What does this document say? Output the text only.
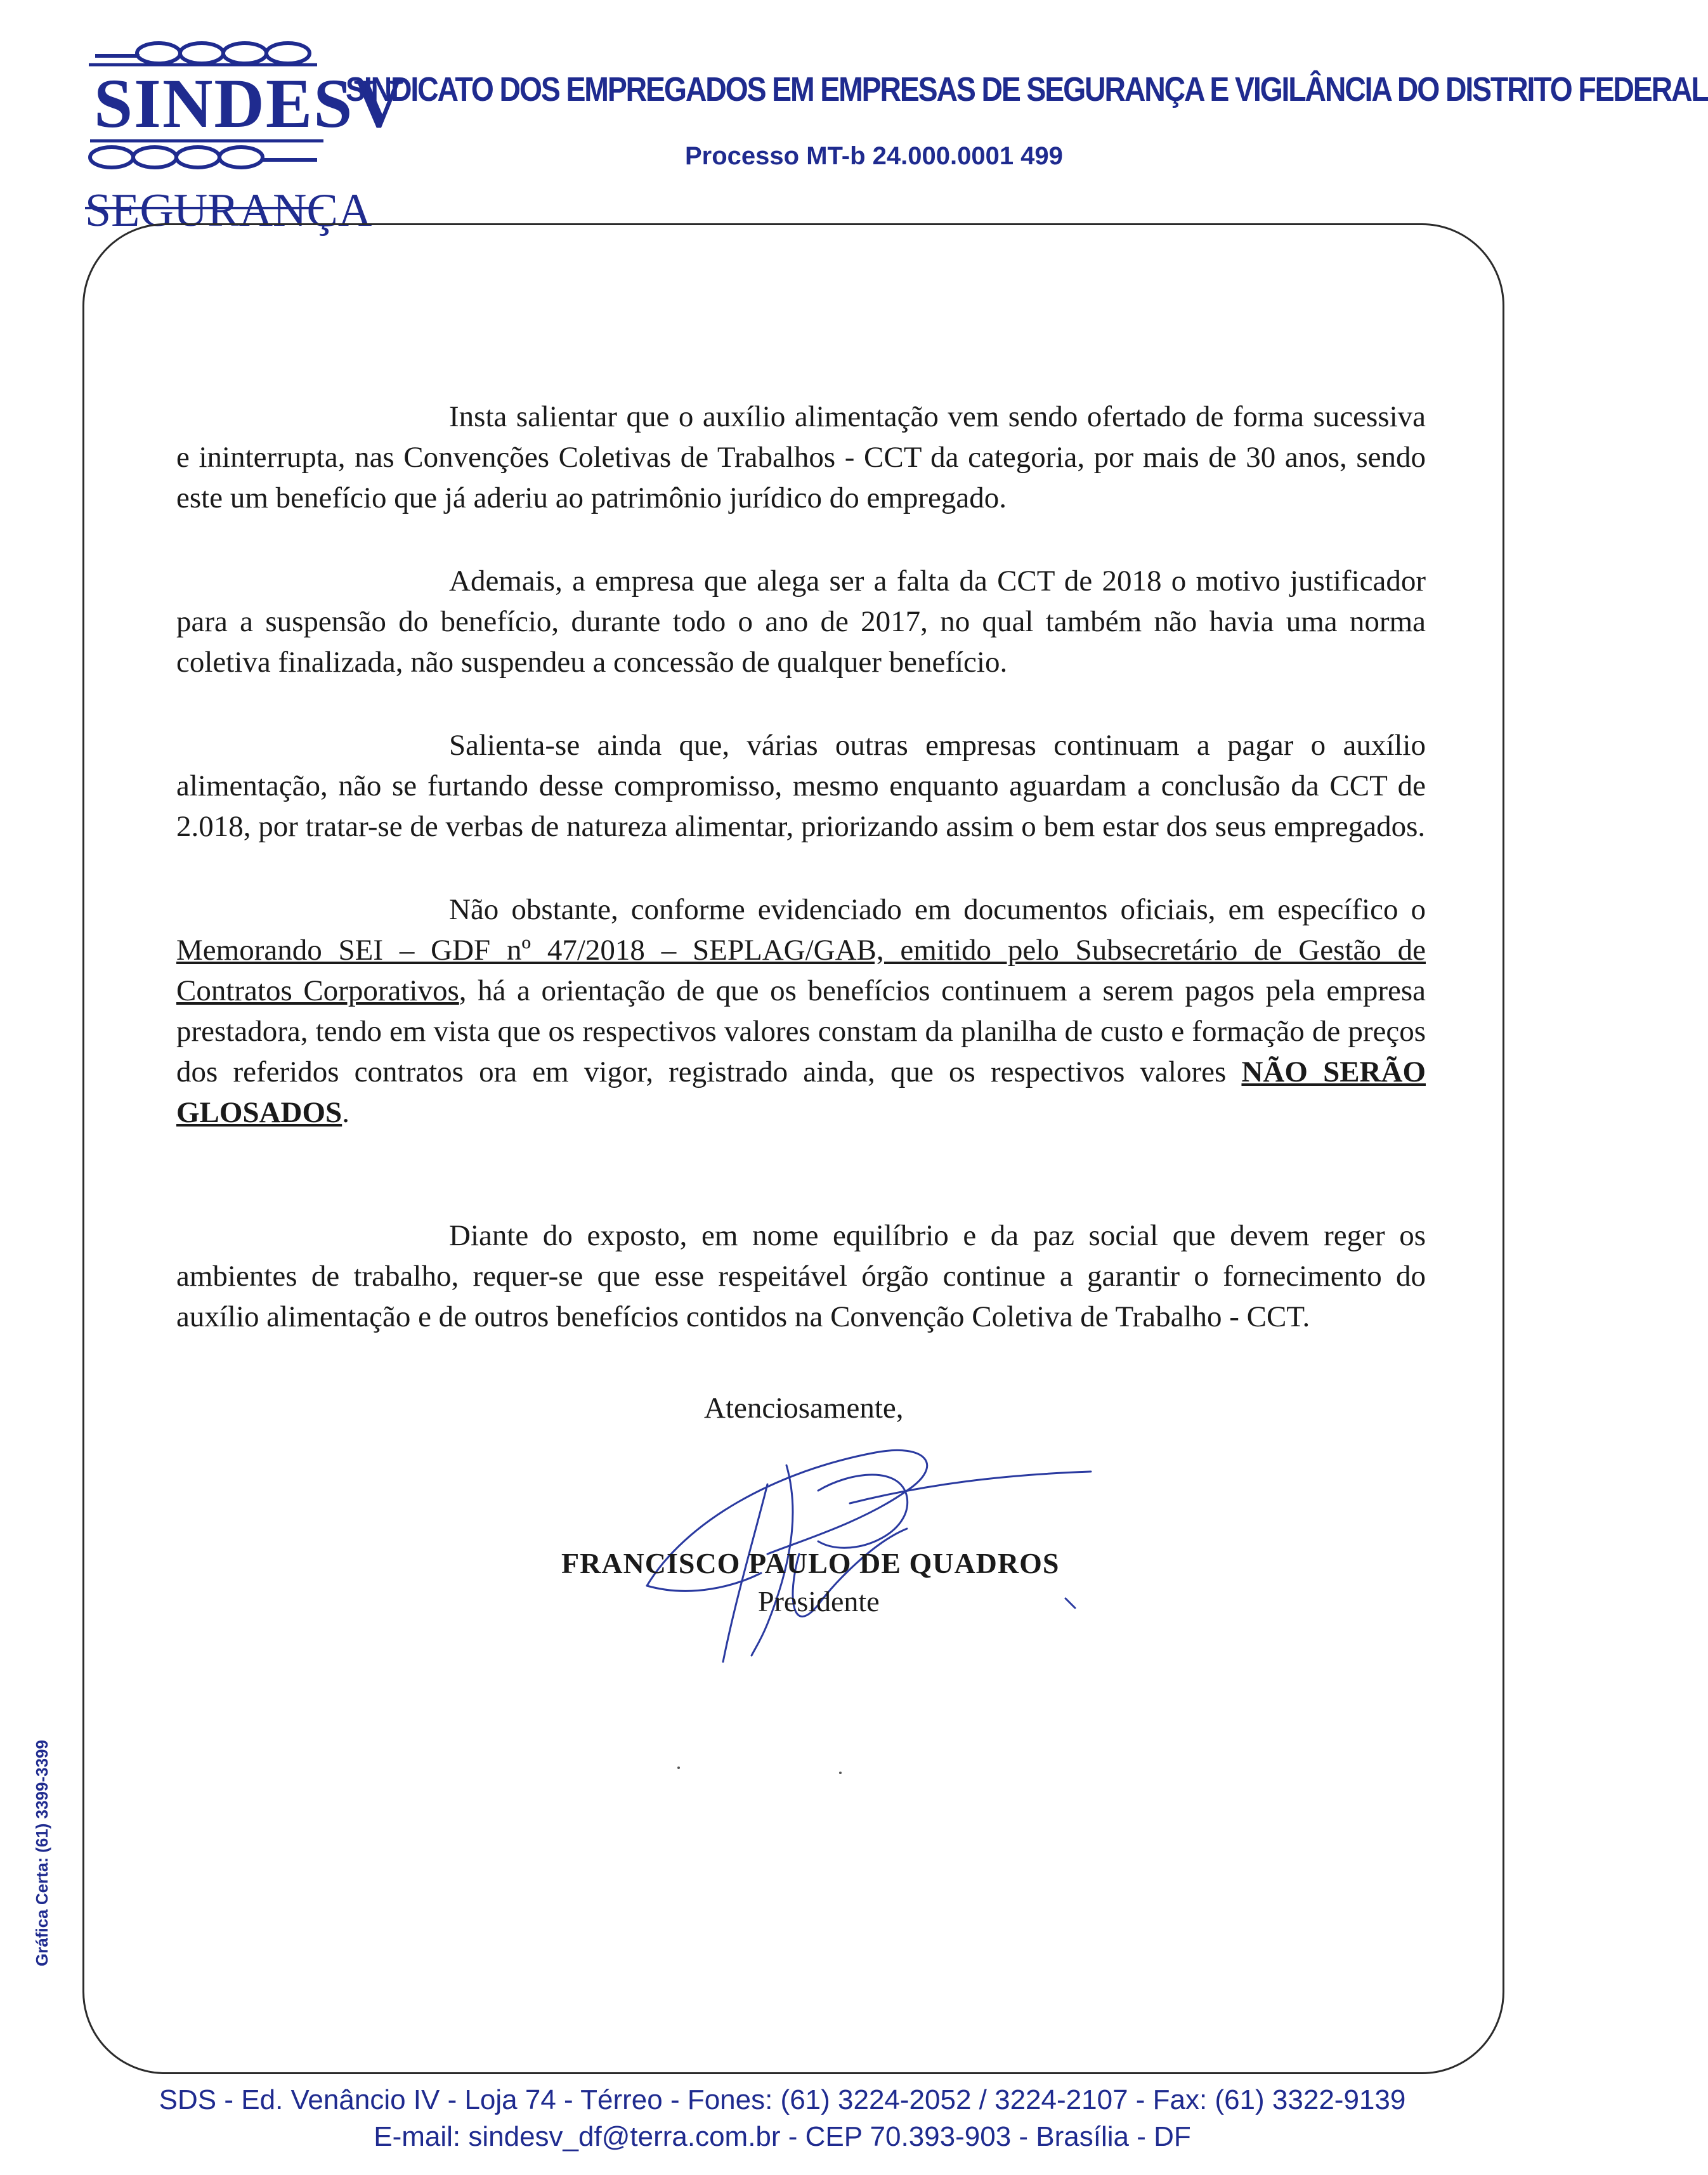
SINDESV
SEGURANÇA
SINDICATO DOS EMPREGADOS EM EMPRESAS DE SEGURANÇA E VIGILÂNCIA DO DISTRITO FEDERAL
Processo MT-b 24.000.0001 499

Insta salientar que o auxílio alimentação vem sendo ofertado de forma sucessiva e ininterrupta, nas Convenções Coletivas de Trabalhos - CCT da categoria, por mais de 30 anos, sendo este um benefício que já aderiu ao patrimônio jurídico do empregado.

Ademais, a empresa que alega ser a falta da CCT de 2018 o motivo justificador para a suspensão do benefício, durante todo o ano de 2017, no qual também não havia uma norma coletiva finalizada, não suspendeu a concessão de qualquer benefício.

Salienta-se ainda que, várias outras empresas continuam a pagar o auxílio alimentação, não se furtando desse compromisso, mesmo enquanto aguardam a conclusão da CCT de 2.018, por tratar-se de verbas de natureza alimentar, priorizando assim o bem estar dos seus empregados.

Não obstante, conforme evidenciado em documentos oficiais, em específico o Memorando SEI – GDF nº 47/2018 – SEPLAG/GAB, emitido pelo Subsecretário de Gestão de Contratos Corporativos, há a orientação de que os benefícios continuem a serem pagos pela empresa prestadora, tendo em vista que os respectivos valores constam da planilha de custo e formação de preços dos referidos contratos ora em vigor, registrado ainda, que os respectivos valores NÃO SERÃO GLOSADOS.

Diante do exposto, em nome equilíbrio e da paz social que devem reger os ambientes de trabalho, requer-se que esse respeitável órgão continue a garantir o fornecimento do auxílio alimentação e de outros benefícios contidos na Convenção Coletiva de Trabalho - CCT.

Atenciosamente,
FRANCISCO PAULO DE QUADROS
Presidente
Gráfica Certa: (61) 3399-3399
SDS - Ed. Venâncio IV - Loja 74 - Térreo - Fones: (61) 3224-2052 / 3224-2107 - Fax: (61) 3322-9139
E-mail: sindesv_df@terra.com.br - CEP 70.393-903 - Brasília - DF
